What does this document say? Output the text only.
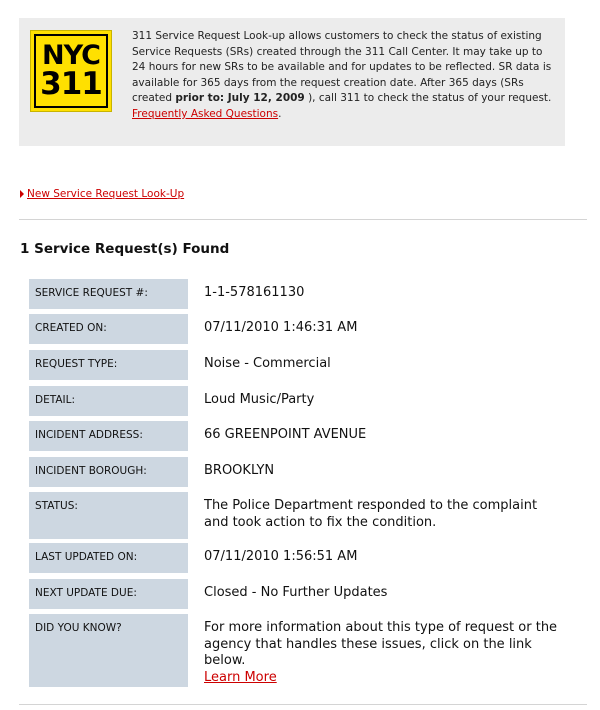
NYC
311
311 Service Request Look-up allows customers to check the status of existing Service Requests (SRs) created through the 311 Call Center. It may take up to 24 hours for new SRs to be available and for updates to be reflected. SR data is available for 365 days from the request creation date. After 365 days (SRs created prior to: July 12, 2009 ), call 311 to check the status of your request. Frequently Asked Questions.
New Service Request Look-Up
1 Service Request(s) Found
SERVICE REQUEST #:	1-1-578161130
CREATED ON:	07/11/2010 1:46:31 AM
REQUEST TYPE:	Noise - Commercial
DETAIL:	Loud Music/Party
INCIDENT ADDRESS:	66 GREENPOINT AVENUE
INCIDENT BOROUGH:	BROOKLYN
STATUS:	The Police Department responded to the complaint and took action to fix the condition.
LAST UPDATED ON:	07/11/2010 1:56:51 AM
NEXT UPDATE DUE:	Closed - No Further Updates
DID YOU KNOW?	For more information about this type of request or the agency that handles these issues, click on the link below.
Learn More
